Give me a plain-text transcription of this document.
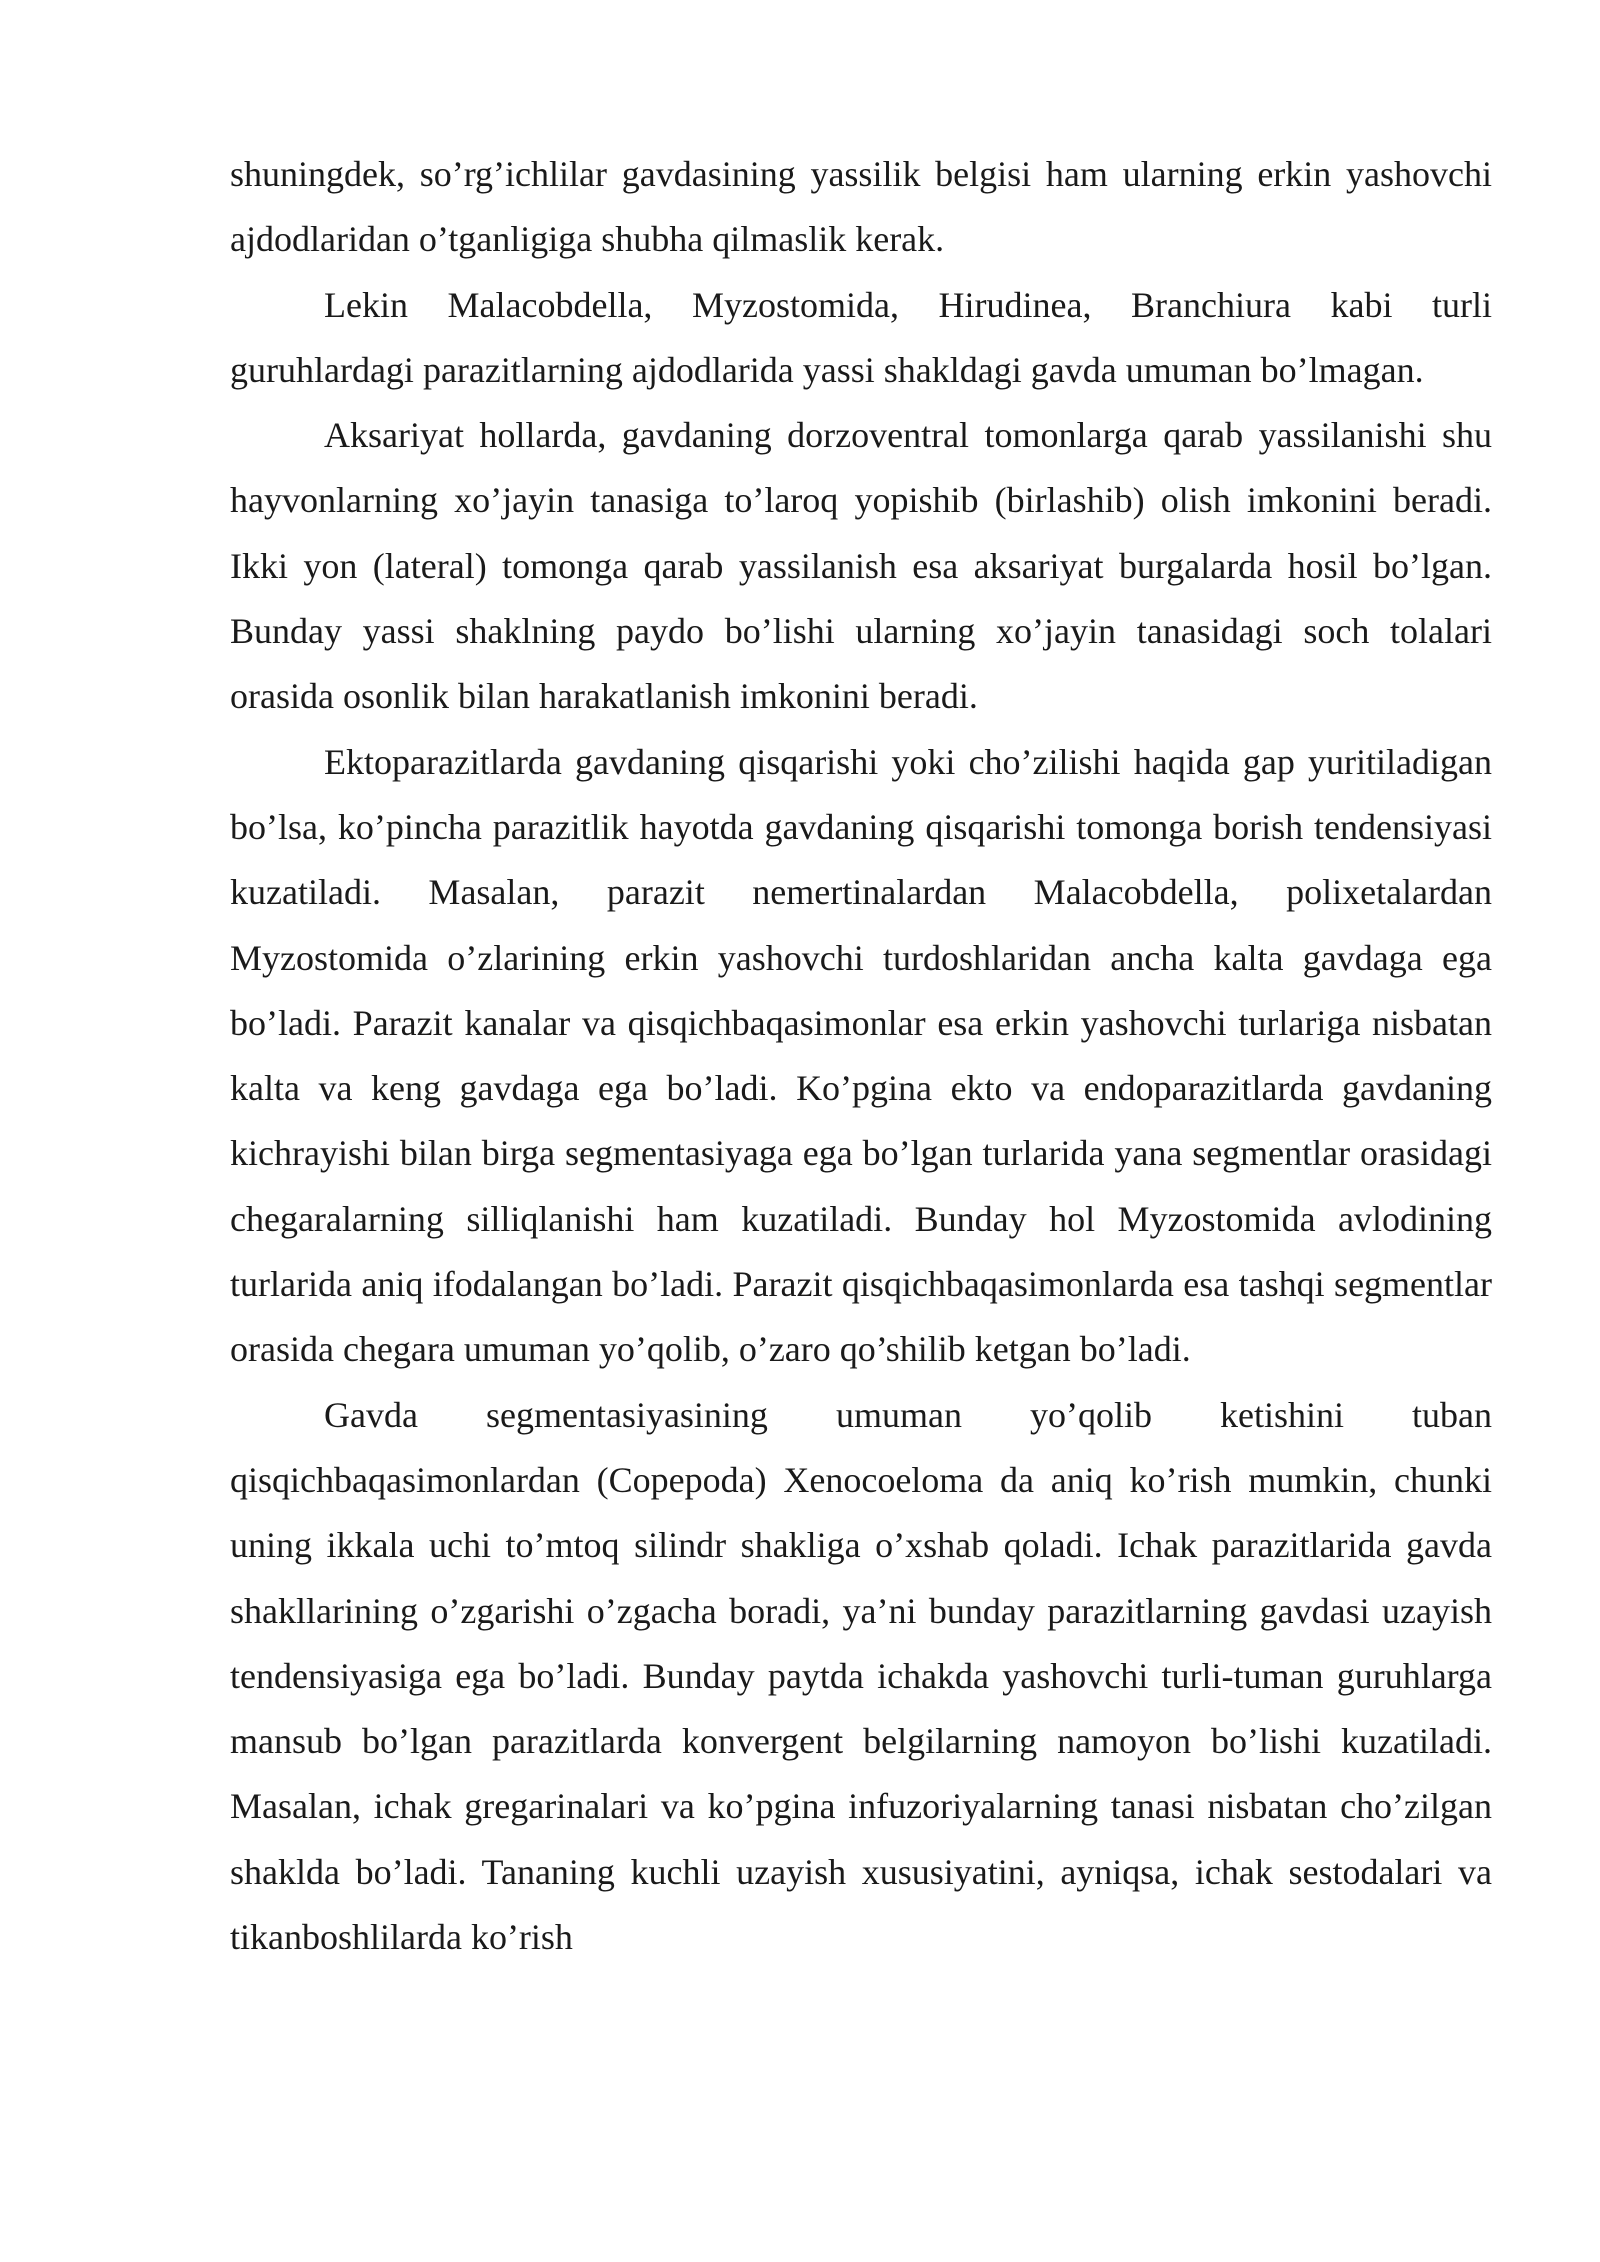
shuningdek, so’rg’ichlilar gavdasining yassilik belgisi ham ularning erkin yashovchi ajdodlaridan o’tganligiga shubha qilmaslik kerak.

Lekin Malacobdella, Myzostomida, Hirudinea, Branchiura kabi turli guruhlardagi parazitlarning ajdodlarida yassi shakldagi gavda umuman bo’lmagan.

Aksariyat hollarda, gavdaning dorzoventral tomonlarga qarab yassilanishi shu hayvonlarning xo’jayin tanasiga to’laroq yopishib (birlashib) olish imkonini beradi. Ikki yon (lateral) tomonga qarab yassilanish esa aksariyat burgalarda hosil bo’lgan. Bunday yassi shaklning paydo bo’lishi ularning xo’jayin tanasidagi soch tolalari orasida osonlik bilan harakatlanish imkonini beradi.

Ektoparazitlarda gavdaning qisqarishi yoki cho’zilishi haqida gap yuritiladigan bo’lsa, ko’pincha parazitlik hayotda gavdaning qisqarishi tomonga borish tendensiyasi kuzatiladi. Masalan, parazit nemertinalardan Malacobdella, polixetalardan Myzostomida o’zlarining erkin yashovchi turdoshlaridan ancha kalta gavdaga ega bo’ladi. Parazit kanalar va qisqichbaqasimonlar esa erkin yashovchi turlariga nisbatan kalta va keng gavdaga ega bo’ladi. Ko’pgina ekto va endoparazitlarda gavdaning kichrayishi bilan birga segmentasiyaga ega bo’lgan turlarida yana segmentlar orasidagi chegaralarning silliqlanishi ham kuzatiladi. Bunday hol Myzostomida avlodining turlarida aniq ifodalangan bo’ladi. Parazit qisqichbaqasimonlarda esa tashqi segmentlar orasida chegara umuman yo’qolib, o’zaro qo’shilib ketgan bo’ladi.

Gavda segmentasiyasining umuman yo’qolib ketishini tuban qisqichbaqasimonlardan (Copepoda) Xenocoeloma da aniq ko’rish mumkin, chunki uning ikkala uchi to’mtoq silindr shakliga o’xshab qoladi. Ichak parazitlarida gavda shakllarining o’zgarishi o’zgacha boradi, ya’ni bunday parazitlarning gavdasi uzayish tendensiyasiga ega bo’ladi. Bunday paytda ichakda yashovchi turli-tuman guruhlarga mansub bo’lgan parazitlarda konvergent belgilarning namoyon bo’lishi kuzatiladi. Masalan, ichak gregarinalari va ko’pgina infuzoriyalarning tanasi nisbatan cho’zilgan shaklda bo’ladi. Tananing kuchli uzayish xususiyatini, ayniqsa, ichak sestodalari va tikanboshlilarda ko’rish
